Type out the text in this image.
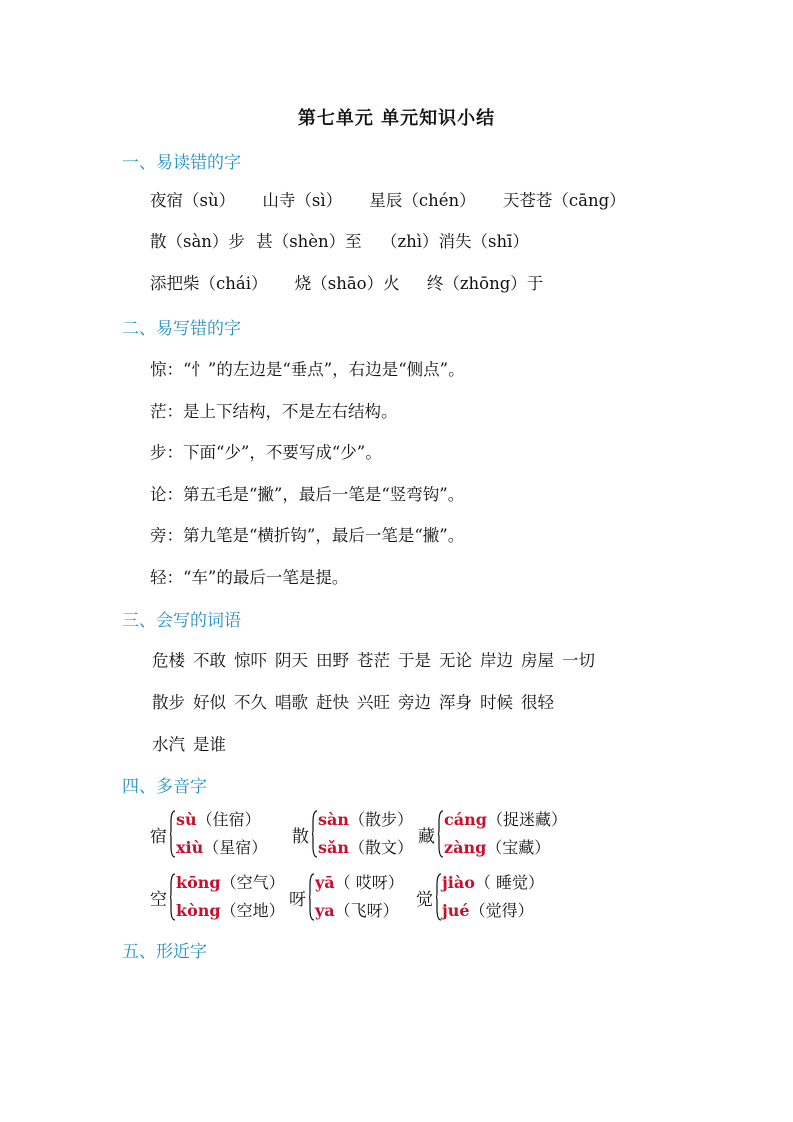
第七单元 单元知识小结
一、易读错的字

夜宿（sù） 山寺（sì） 星辰（chén） 天苍苍（cāng）

散（sàn）步 甚（shèn）至 （zhì）消失（shī）

添把柴（chái） 烧（shāo）火 终（zhōng）于

二、易写错的字

惊：“忄”的左边是“垂点”，右边是“侧点”。

茫：是上下结构，不是左右结构。

步：下面“少”，不要写成“少”。

论：第五毛是“撇”，最后一笔是“竖弯钩”。

旁：第九笔是“横折钩”，最后一笔是“撇”。

轻：“车”的最后一笔是提。

三、会写的词语

危楼 不敢 惊吓 阴天 田野 苍茫 于是 无论 岸边 房屋 一切

散步 好似 不久 唱歌 赶快 兴旺 旁边 浑身 时候 很轻

水汽 是谁

四、多音字
宿
sù（住宿）
xiù（星宿）
散
sàn（散步）
sǎn（散文）
藏
cáng（捉迷藏）
zàng（宝藏）
空
kōng（空气）
kòng（空地）
呀
yā（ 哎呀）
ya（飞呀）
觉
jiào（ 睡觉）
jué（觉得）
五、形近字
